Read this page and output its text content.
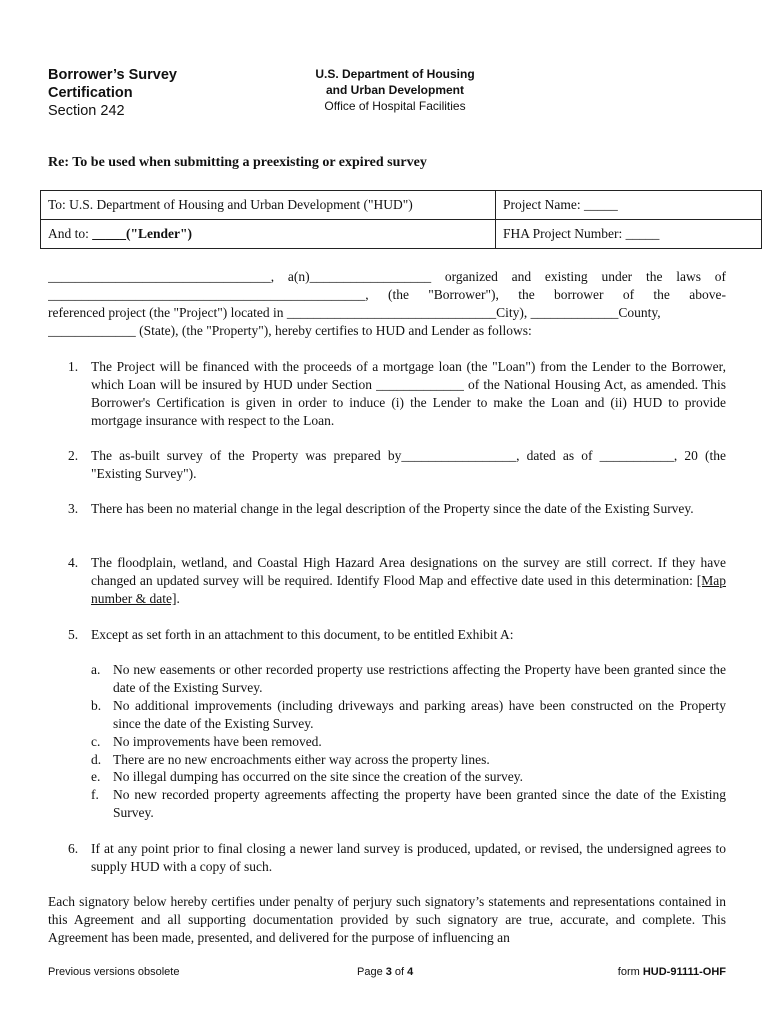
Borrower’s Survey
Certification
Section 242
U.S. Department of Housing
and Urban Development
Office of Hospital Facilities
Re: To be used when submitting a preexisting or expired survey
To: U.S. Department of Housing and Urban Development ("HUD")	Project Name: _____
And to: _____("Lender")	FHA Project Number: _____
_________________________________, a(n)__________________ organized and existing under the laws of
_______________________________________________, (the "Borrower"), the borrower of the above-
referenced project (the "Project") located in _______________________________City), _____________County,
_____________ (State), (the "Property"), hereby certifies to HUD and Lender as follows:
1. The Project will be financed with the proceeds of a mortgage loan (the "Loan") from the Lender to the Borrower, which Loan will be insured by HUD under Section _____________ of the National Housing Act, as amended. This Borrower's Certification is given in order to induce (i) the Lender to make the Loan and (ii) HUD to provide mortgage insurance with respect to the Loan.
2. The as-built survey of the Property was prepared by_________________, dated as of ___________, 20 (the "Existing Survey").
3. There has been no material change in the legal description of the Property since the date of the Existing Survey.
4. The floodplain, wetland, and Coastal High Hazard Area designations on the survey are still correct. If they have changed an updated survey will be required. Identify Flood Map and effective date used in this determination: [Map number & date].
5. Except as set forth in an attachment to this document, to be entitled Exhibit A:
a. No new easements or other recorded property use restrictions affecting the Property have been granted since the date of the Existing Survey.
b. No additional improvements (including driveways and parking areas) have been constructed on the Property since the date of the Existing Survey.
c. No improvements have been removed.
d. There are no new encroachments either way across the property lines.
e. No illegal dumping has occurred on the site since the creation of the survey.
f.	No new recorded property agreements affecting the property have been granted since the date of the Existing Survey.
6. If at any point prior to final closing a newer land survey is produced, updated, or revised, the undersigned agrees to supply HUD with a copy of such.
Each signatory below hereby certifies under penalty of perjury such signatory’s statements and representations contained in this Agreement and all supporting documentation provided by such signatory are true, accurate, and complete. This Agreement has been made, presented, and delivered for the purpose of influencing an
Previous versions obsolete	Page 3 of 4	form HUD-91111-OHF
